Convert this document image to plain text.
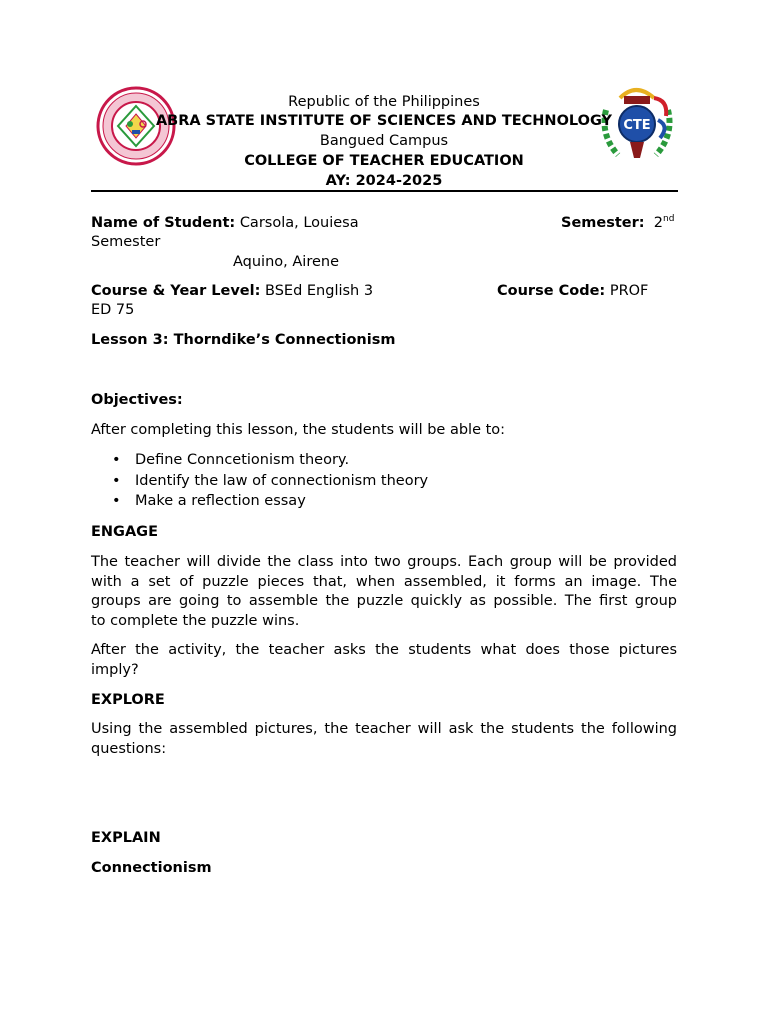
CTE
Republic of the Philippines
ABRA STATE INSTITUTE OF SCIENCES AND TECHNOLOGY
Bangued Campus
COLLEGE OF TEACHER EDUCATION
AY: 2024-2025
Name of Student: Carsola, Louiesa	Semester: 2nd
Semester
Aquino, Airene
Course & Year Level: BSEd English 3	Course Code: PROF
ED 75
Lesson 3: Thorndike’s Connectionism
Objectives:
After completing this lesson, the students will be able to:
• Define Conncetionism theory.
• Identify the law of connectionism theory
• Make a reflection essay
ENGAGE
The teacher will divide the class into two groups. Each group will be provided
with a set of puzzle pieces that, when assembled, it forms an image. The
groups are going to assemble the puzzle quickly as possible. The first group
to complete the puzzle wins.
After the activity, the teacher asks the students what does those pictures
imply?
EXPLORE
Using the assembled pictures, the teacher will ask the students the following
questions:
EXPLAIN
Connectionism
